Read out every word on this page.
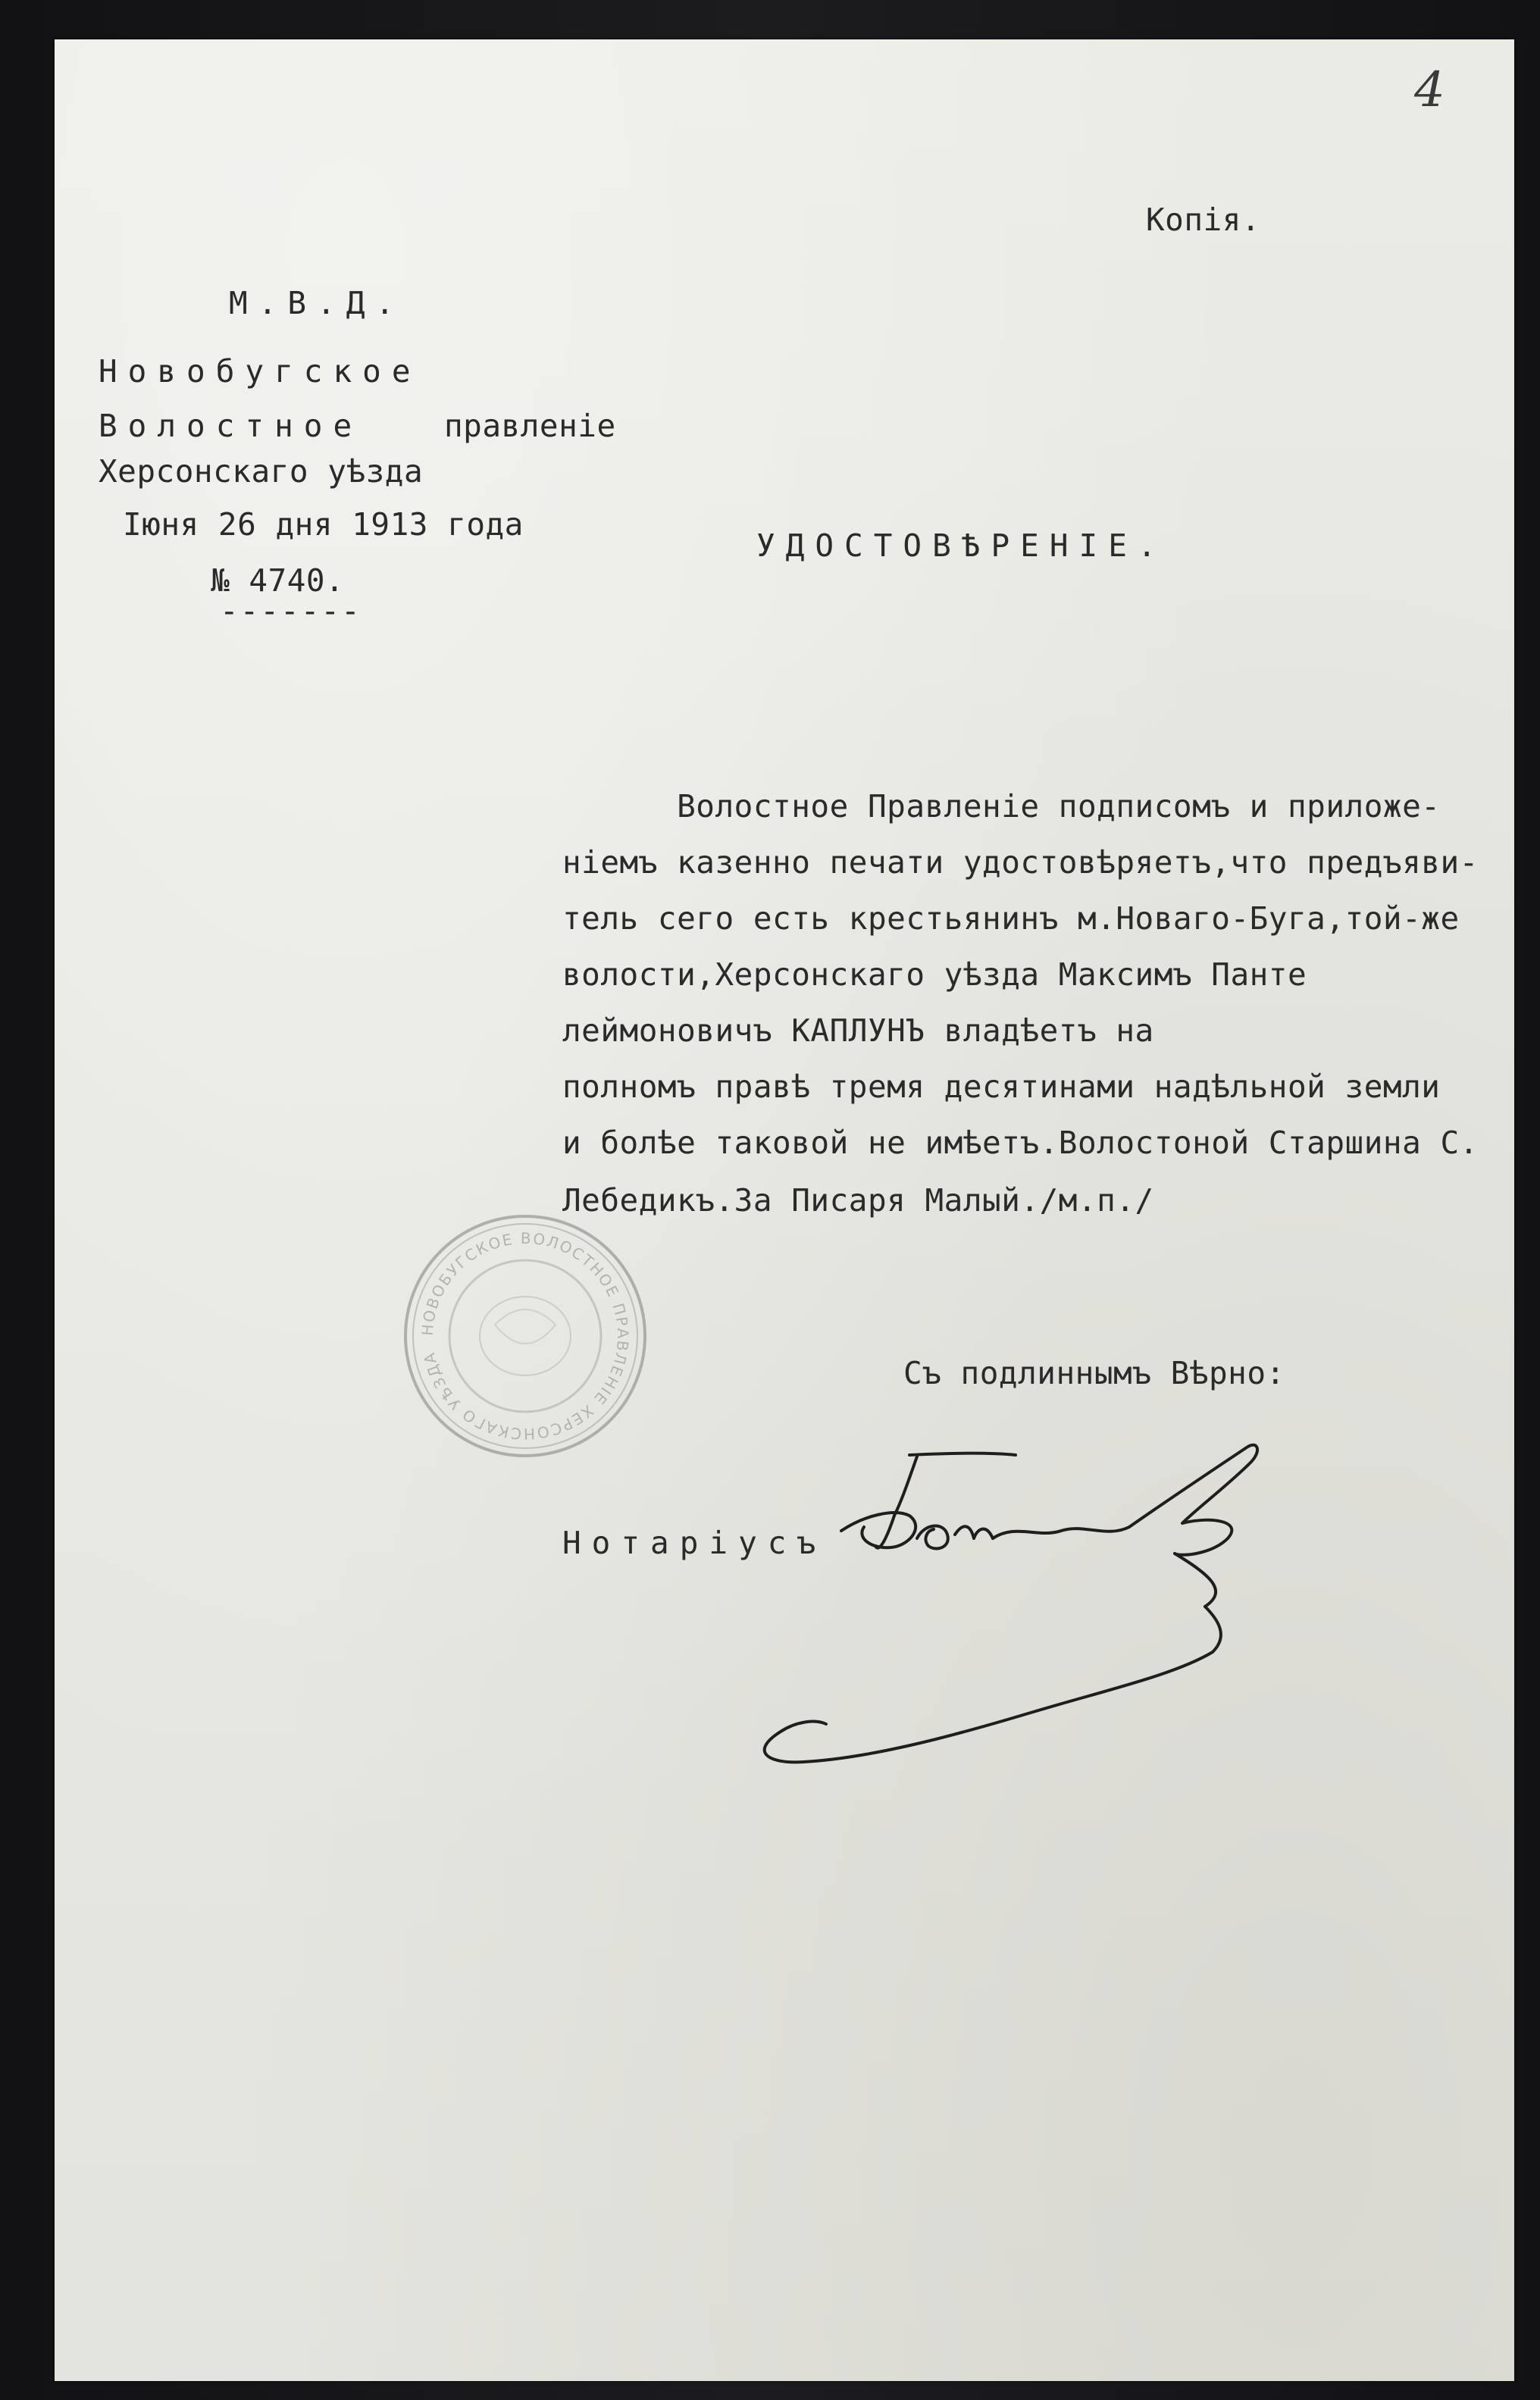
4
Копія.
М.В.Д.
Новобугское
Волостное	правленіе
Херсонскаго уѣзда
Іюня 26 дня 1913 года
№ 4740.
-------
УДОСТОВѢРЕНІЕ.
Волостное Правленіе подписомъ и приложе-
ніемъ казенно печати удостовѣряетъ,что предъяви-
тель сего есть крестьянинъ м.Новаго-Буга,той-же
волости,Херсонскаго уѣзда Максимъ Панте
леймоновичъ КАПЛУНЪ владѣетъ на
полномъ правѣ тремя десятинами надѣльной земли
и болѣе таковой не имѣетъ.Волостоной Старшина С.
Лебедикъ.За Писаря Малый./м.п./
Съ подлиннымъ Вѣрно:
Нотаріусъ
НОВОБУГСКОЕ ВОЛОСТНОЕ ПРАВЛЕНІЕ ХЕРСОНСКАГО УѢЗДА
